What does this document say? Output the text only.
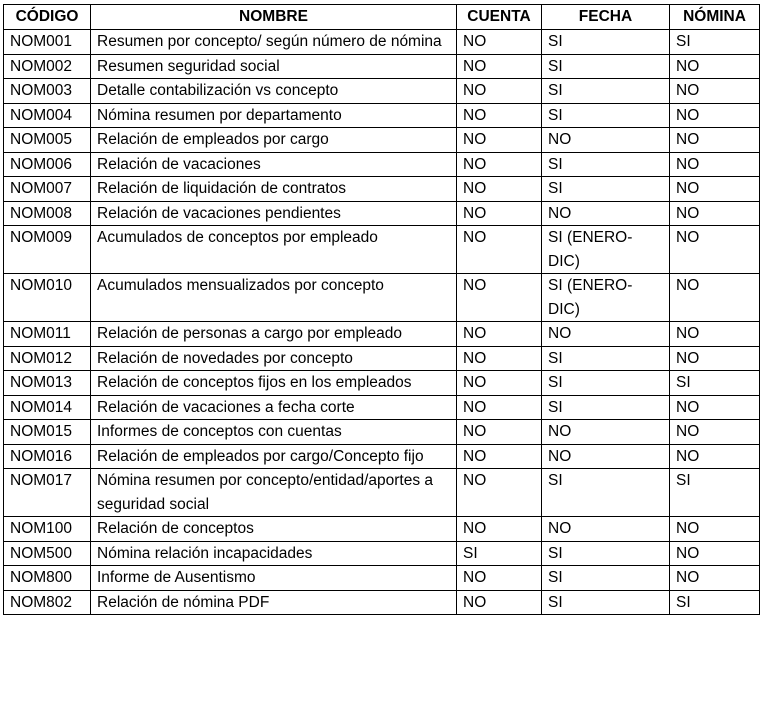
CÓDIGO	NOMBRE	CUENTA	FECHA	NÓMINA
NOM001	Resumen por concepto/ según número de nómina	NO	SI	SI
NOM002	Resumen seguridad social	NO	SI	NO
NOM003	Detalle contabilización vs concepto	NO	SI	NO
NOM004	Nómina resumen por departamento	NO	SI	NO
NOM005	Relación de empleados por cargo	NO	NO	NO
NOM006	Relación de vacaciones	NO	SI	NO
NOM007	Relación de liquidación de contratos	NO	SI	NO
NOM008	Relación de vacaciones pendientes	NO	NO	NO
NOM009	Acumulados de conceptos por empleado	NO	SI (ENERO-DIC)	NO
NOM010	Acumulados mensualizados por concepto	NO	SI (ENERO-DIC)	NO
NOM011	Relación de personas a cargo por empleado	NO	NO	NO
NOM012	Relación de novedades por concepto	NO	SI	NO
NOM013	Relación de conceptos fijos en los empleados	NO	SI	SI
NOM014	Relación de vacaciones a fecha corte	NO	SI	NO
NOM015	Informes de conceptos con cuentas	NO	NO	NO
NOM016	Relación de empleados por cargo/Concepto fijo	NO	NO	NO
NOM017	Nómina resumen por concepto/entidad/aportes a seguridad social	NO	SI	SI
NOM100	Relación de conceptos	NO	NO	NO
NOM500	Nómina relación incapacidades	SI	SI	NO
NOM800	Informe de Ausentismo	NO	SI	NO
NOM802	Relación de nómina PDF	NO	SI	SI
